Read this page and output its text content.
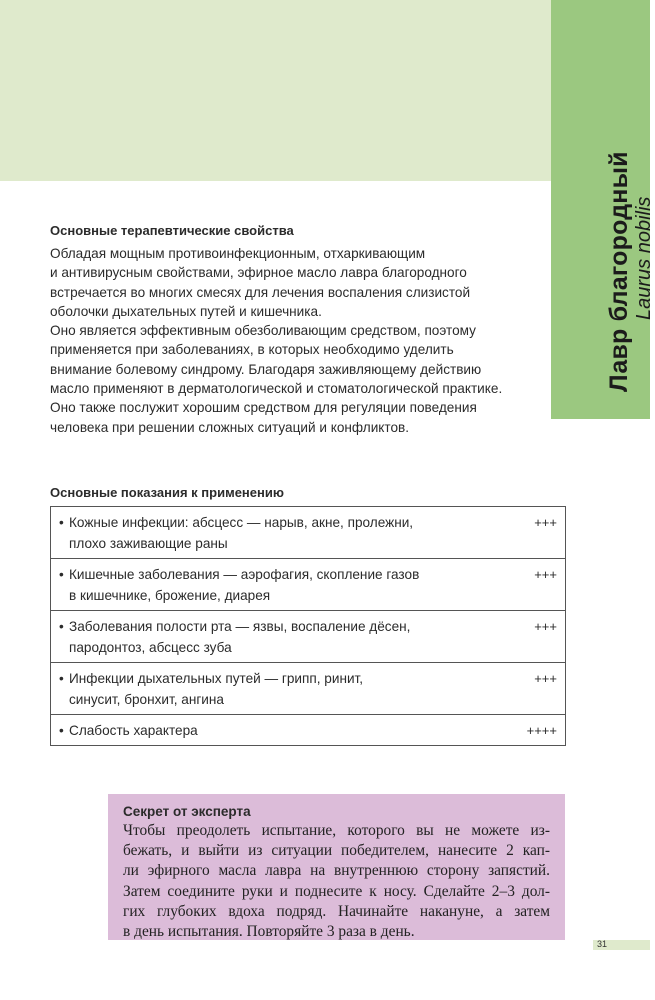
Лавр благородный Laurus nobilis
Основные терапевтические свойства

Обладая мощным противоинфекционным, отхаркивающим

и антивирусным свойствами, эфирное масло лавра благородного

встречается во многих смесях для лечения воспаления слизистой

оболочки дыхательных путей и кишечника.

Оно является эффективным обезболивающим средством, поэтому

применяется при заболеваниях, в которых необходимо уделить

внимание болевому синдрому. Благодаря заживляющему действию

масло применяют в дерматологической и стоматологической практике.

Оно также послужит хорошим средством для регуляции поведения

человека при решении сложных ситуаций и конфликтов.

Основные показания к применению
• Кожные инфекции: абсцесс — нарыв, акне, пролежни,
плохо заживающие раны
+++
• Кишечные заболевания — аэрофагия, скопление газов
в кишечнике, брожение, диарея
+++
• Заболевания полости рта — язвы, воспаление дёсен,
пародонтоз, абсцесс зуба
+++
• Инфекции дыхательных путей — грипп, ринит,
синусит, бронхит, ангина
+++
• Слабость характера	++++
Секрет от эксперта
Чтобы преодолеть испытание, которого вы не можете из-
бежать, и выйти из ситуации победителем, нанесите 2 кап-
ли эфирного масла лавра на внутреннюю сторону запястий.
Затем соедините руки и поднесите к носу. Сделайте 2–3 дол-
гих глубоких вдоха подряд. Начинайте накануне, а затем
в день испытания. Повторяйте 3 раза в день.
31
